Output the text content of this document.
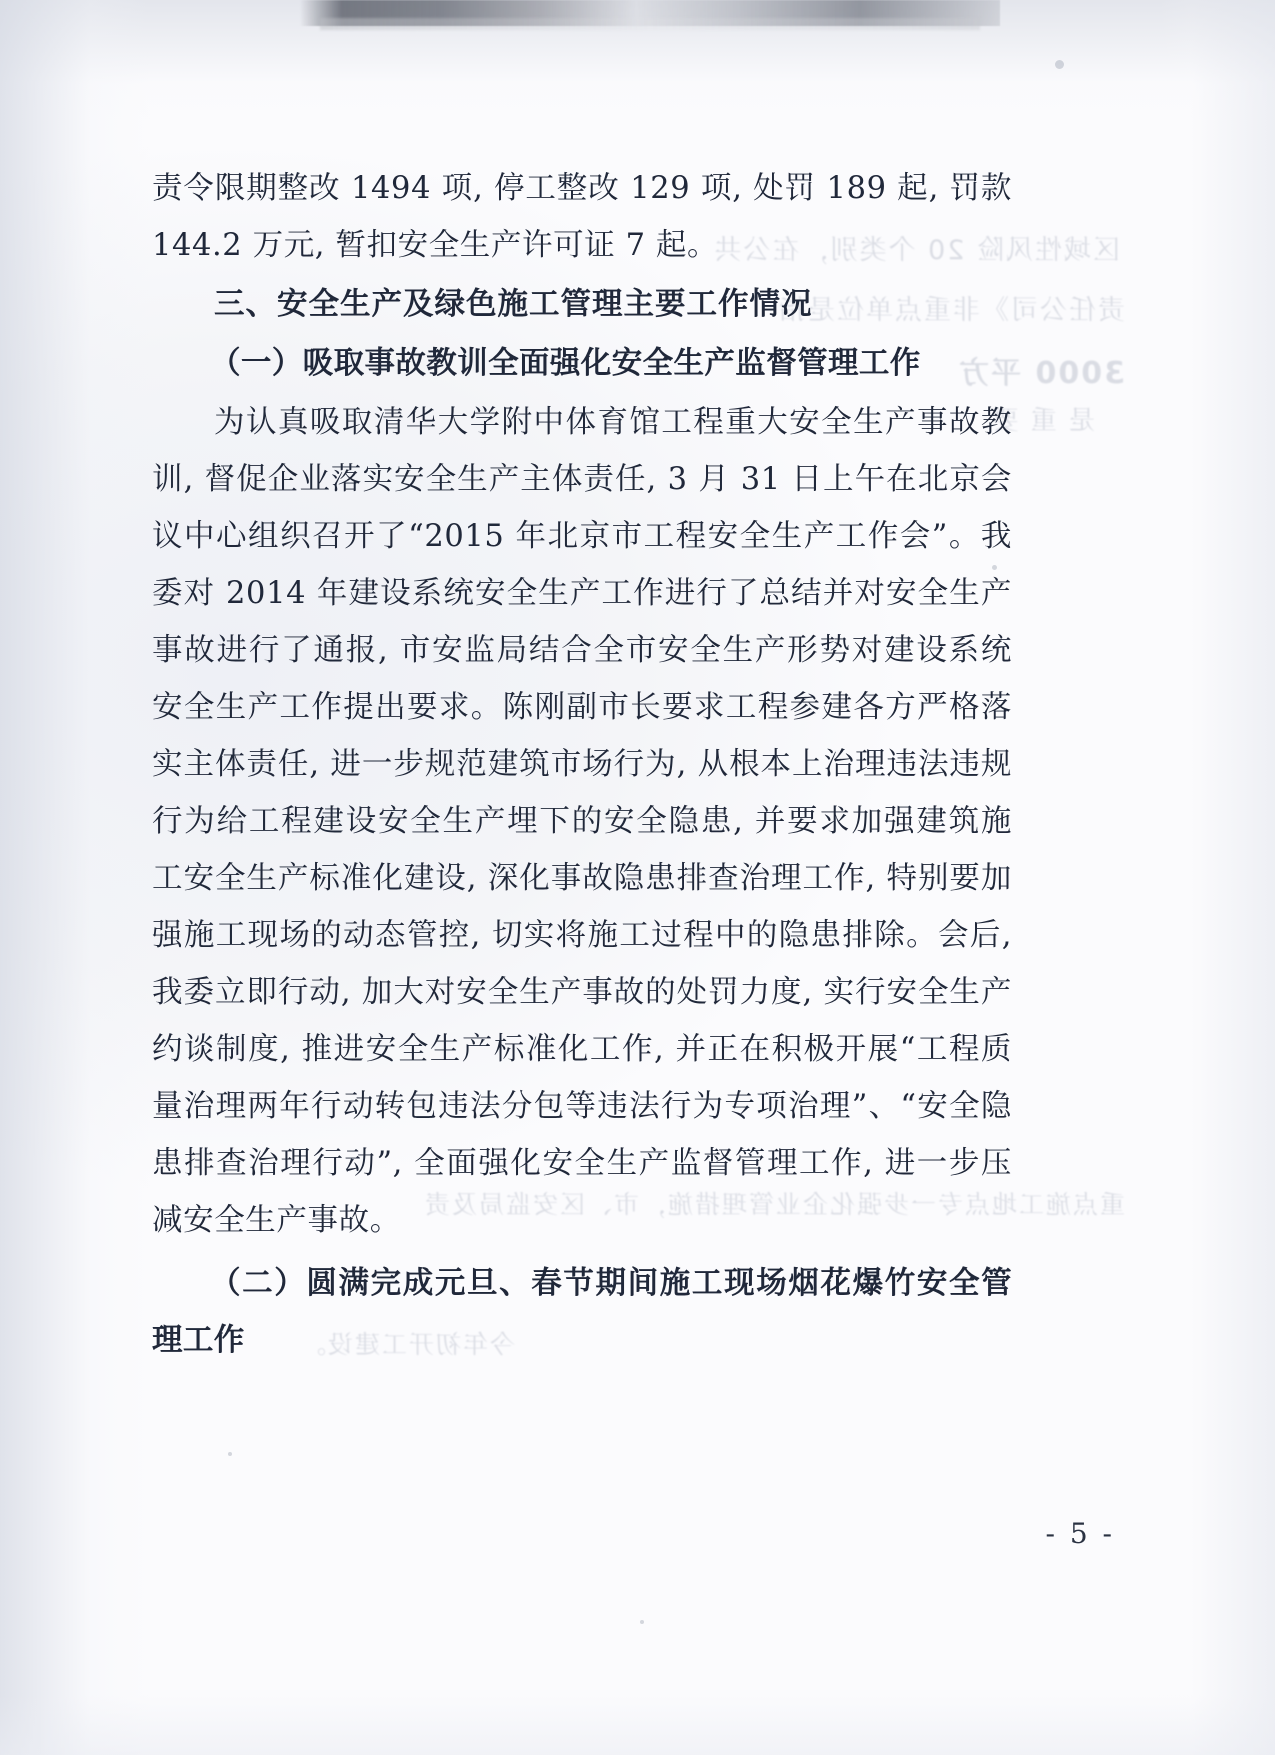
区域性风险 20 个类别，在公共
责任公司》非重点单位是指
3000 平方
是 重 要
重点施工地点专一步强化企业管理措施，市、区安监局及责
今年初开工建设。

责令限期整改 1494 项, 停工整改 129 项, 处罚 189 起, 罚款 144.2 万元, 暂扣安全生产许可证 7 起。

三、安全生产及绿色施工管理主要工作情况

（一）吸取事故教训全面强化安全生产监督管理工作

为认真吸取清华大学附中体育馆工程重大安全生产事故教训, 督促企业落实安全生产主体责任, 3 月 31 日上午在北京会议中心组织召开了“2015 年北京市工程安全生产工作会”。我委对 2014 年建设系统安全生产工作进行了总结并对安全生产事故进行了通报, 市安监局结合全市安全生产形势对建设系统安全生产工作提出要求。陈刚副市长要求工程参建各方严格落实主体责任, 进一步规范建筑市场行为, 从根本上治理违法违规行为给工程建设安全生产埋下的安全隐患, 并要求加强建筑施工安全生产标准化建设, 深化事故隐患排查治理工作, 特别要加强施工现场的动态管控, 切实将施工过程中的隐患排除。会后, 我委立即行动, 加大对安全生产事故的处罚力度, 实行安全生产约谈制度, 推进安全生产标准化工作, 并正在积极开展“工程质量治理两年行动转包违法分包等违法行为专项治理”、“安全隐患排查治理行动”, 全面强化安全生产监督管理工作, 进一步压减安全生产事故。

（二）圆满完成元旦、春节期间施工现场烟花爆竹安全管理工作

- 5 -
